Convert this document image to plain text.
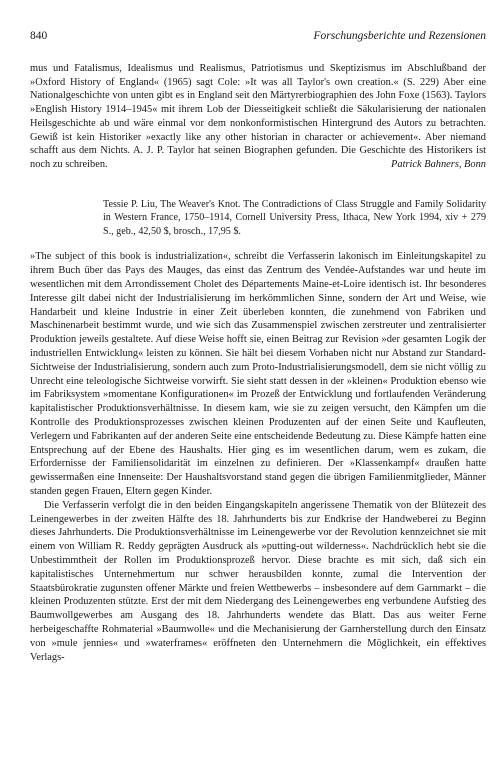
840	Forschungsberichte und Rezensionen

mus und Fatalismus, Idealismus und Realismus, Patriotismus und Skeptizismus im Abschlußband der »Oxford History of England« (1965) sagt Cole: »It was all Taylor's own creation.« (S. 229) Aber eine Nationalgeschichte von unten gibt es in England seit den Märtyrerbiographien des John Foxe (1563). Taylors »English History 1914–1945« mit ihrem Lob der Diesseitigkeit schließt die Säkularisierung der nationalen Heilsgeschichte ab und wäre einmal vor dem nonkonformistischen Hintergrund des Autors zu betrachten. Gewiß ist kein Historiker »exactly like any other historian in character or achievement«. Aber niemand schafft aus dem Nichts. A. J. P. Taylor hat seinen Biographen gefunden. Die Geschichte des Historikers ist noch zu schreiben.	Patrick Bahners, Bonn

Tessie P. Liu, The Weaver's Knot. The Contradictions of Class Struggle and Family Solidarity in Western France, 1750–1914, Cornell University Press, Ithaca, New York 1994, xiv + 279 S., geb., 42,50 $, brosch., 17,95 $.

»The subject of this book is industrialization«, schreibt die Verfasserin lakonisch im Einleitungskapitel zu ihrem Buch über das Pays des Mauges, das einst das Zentrum des Vendée-Aufstandes war und heute im wesentlichen mit dem Arrondissement Cholet des Départements Maine-et-Loire identisch ist. Ihr besonderes Interesse gilt dabei nicht der Industrialisierung im herkömmlichen Sinne, sondern der Art und Weise, wie Handarbeit und kleine Industrie in einer Zeit überleben konnten, die zunehmend von Fabriken und Maschinenarbeit bestimmt wurde, und wie sich das Zusammenspiel zwischen zerstreuter und zentralisierter Produktion jeweils gestaltete. Auf diese Weise hofft sie, einen Beitrag zur Revision »der gesamten Logik der industriellen Entwicklung« leisten zu können. Sie hält bei diesem Vorhaben nicht nur Abstand zur Standard-Sichtweise der Industrialisierung, sondern auch zum Proto-Industrialisierungsmodell, dem sie nicht völlig zu Unrecht eine teleologische Sichtweise vorwirft. Sie sieht statt dessen in der »kleinen« Produktion ebenso wie im Fabriksystem »momentane Konfigurationen« im Prozeß der Entwicklung und fortlaufenden Veränderung kapitalistischer Produktionsverhältnisse. In diesem kam, wie sie zu zeigen versucht, den Kämpfen um die Kontrolle des Produktionsprozesses zwischen kleinen Produzenten auf der einen Seite und Kaufleuten, Verlegern und Fabrikanten auf der anderen Seite eine entscheidende Bedeutung zu. Diese Kämpfe hatten eine Entsprechung auf der Ebene des Haushalts. Hier ging es im wesentlichen darum, wem es zukam, die Erfordernisse der Familiensolidarität im einzelnen zu definieren. Der »Klassenkampf« draußen hatte gewissermaßen eine Innenseite: Der Haushaltsvorstand stand gegen die übrigen Familienmitglieder, Männer standen gegen Frauen, Eltern gegen Kinder.

Die Verfasserin verfolgt die in den beiden Eingangskapiteln angerissene Thematik von der Blütezeit des Leinengewerbes in der zweiten Hälfte des 18. Jahrhunderts bis zur Endkrise der Handweberei zu Beginn dieses Jahrhunderts. Die Produktionsverhältnisse im Leinengewerbe vor der Revolution kennzeichnet sie mit einem von William R. Reddy geprägten Ausdruck als »putting-out wilderness«. Nachdrücklich hebt sie die Unbestimmtheit der Rollen im Produktionsprozeß hervor. Diese brachte es mit sich, daß sich ein kapitalistisches Unternehmertum nur schwer herausbilden konnte, zumal die Intervention der Staatsbürokratie zugunsten offener Märkte und freien Wettbewerbs – insbesondere auf dem Garnmarkt – die kleinen Produzenten stützte. Erst der mit dem Niedergang des Leinengewerbes eng verbundene Aufstieg des Baumwollgewerbes am Ausgang des 18. Jahrhunderts wendete das Blatt. Das aus weiter Ferne herbeigeschaffte Rohmaterial »Baumwolle« und die Mechanisierung der Garnherstellung durch den Einsatz von »mule jennies« und »waterframes« eröffneten den Unternehmern die Möglichkeit, ein effektives Verlags-
